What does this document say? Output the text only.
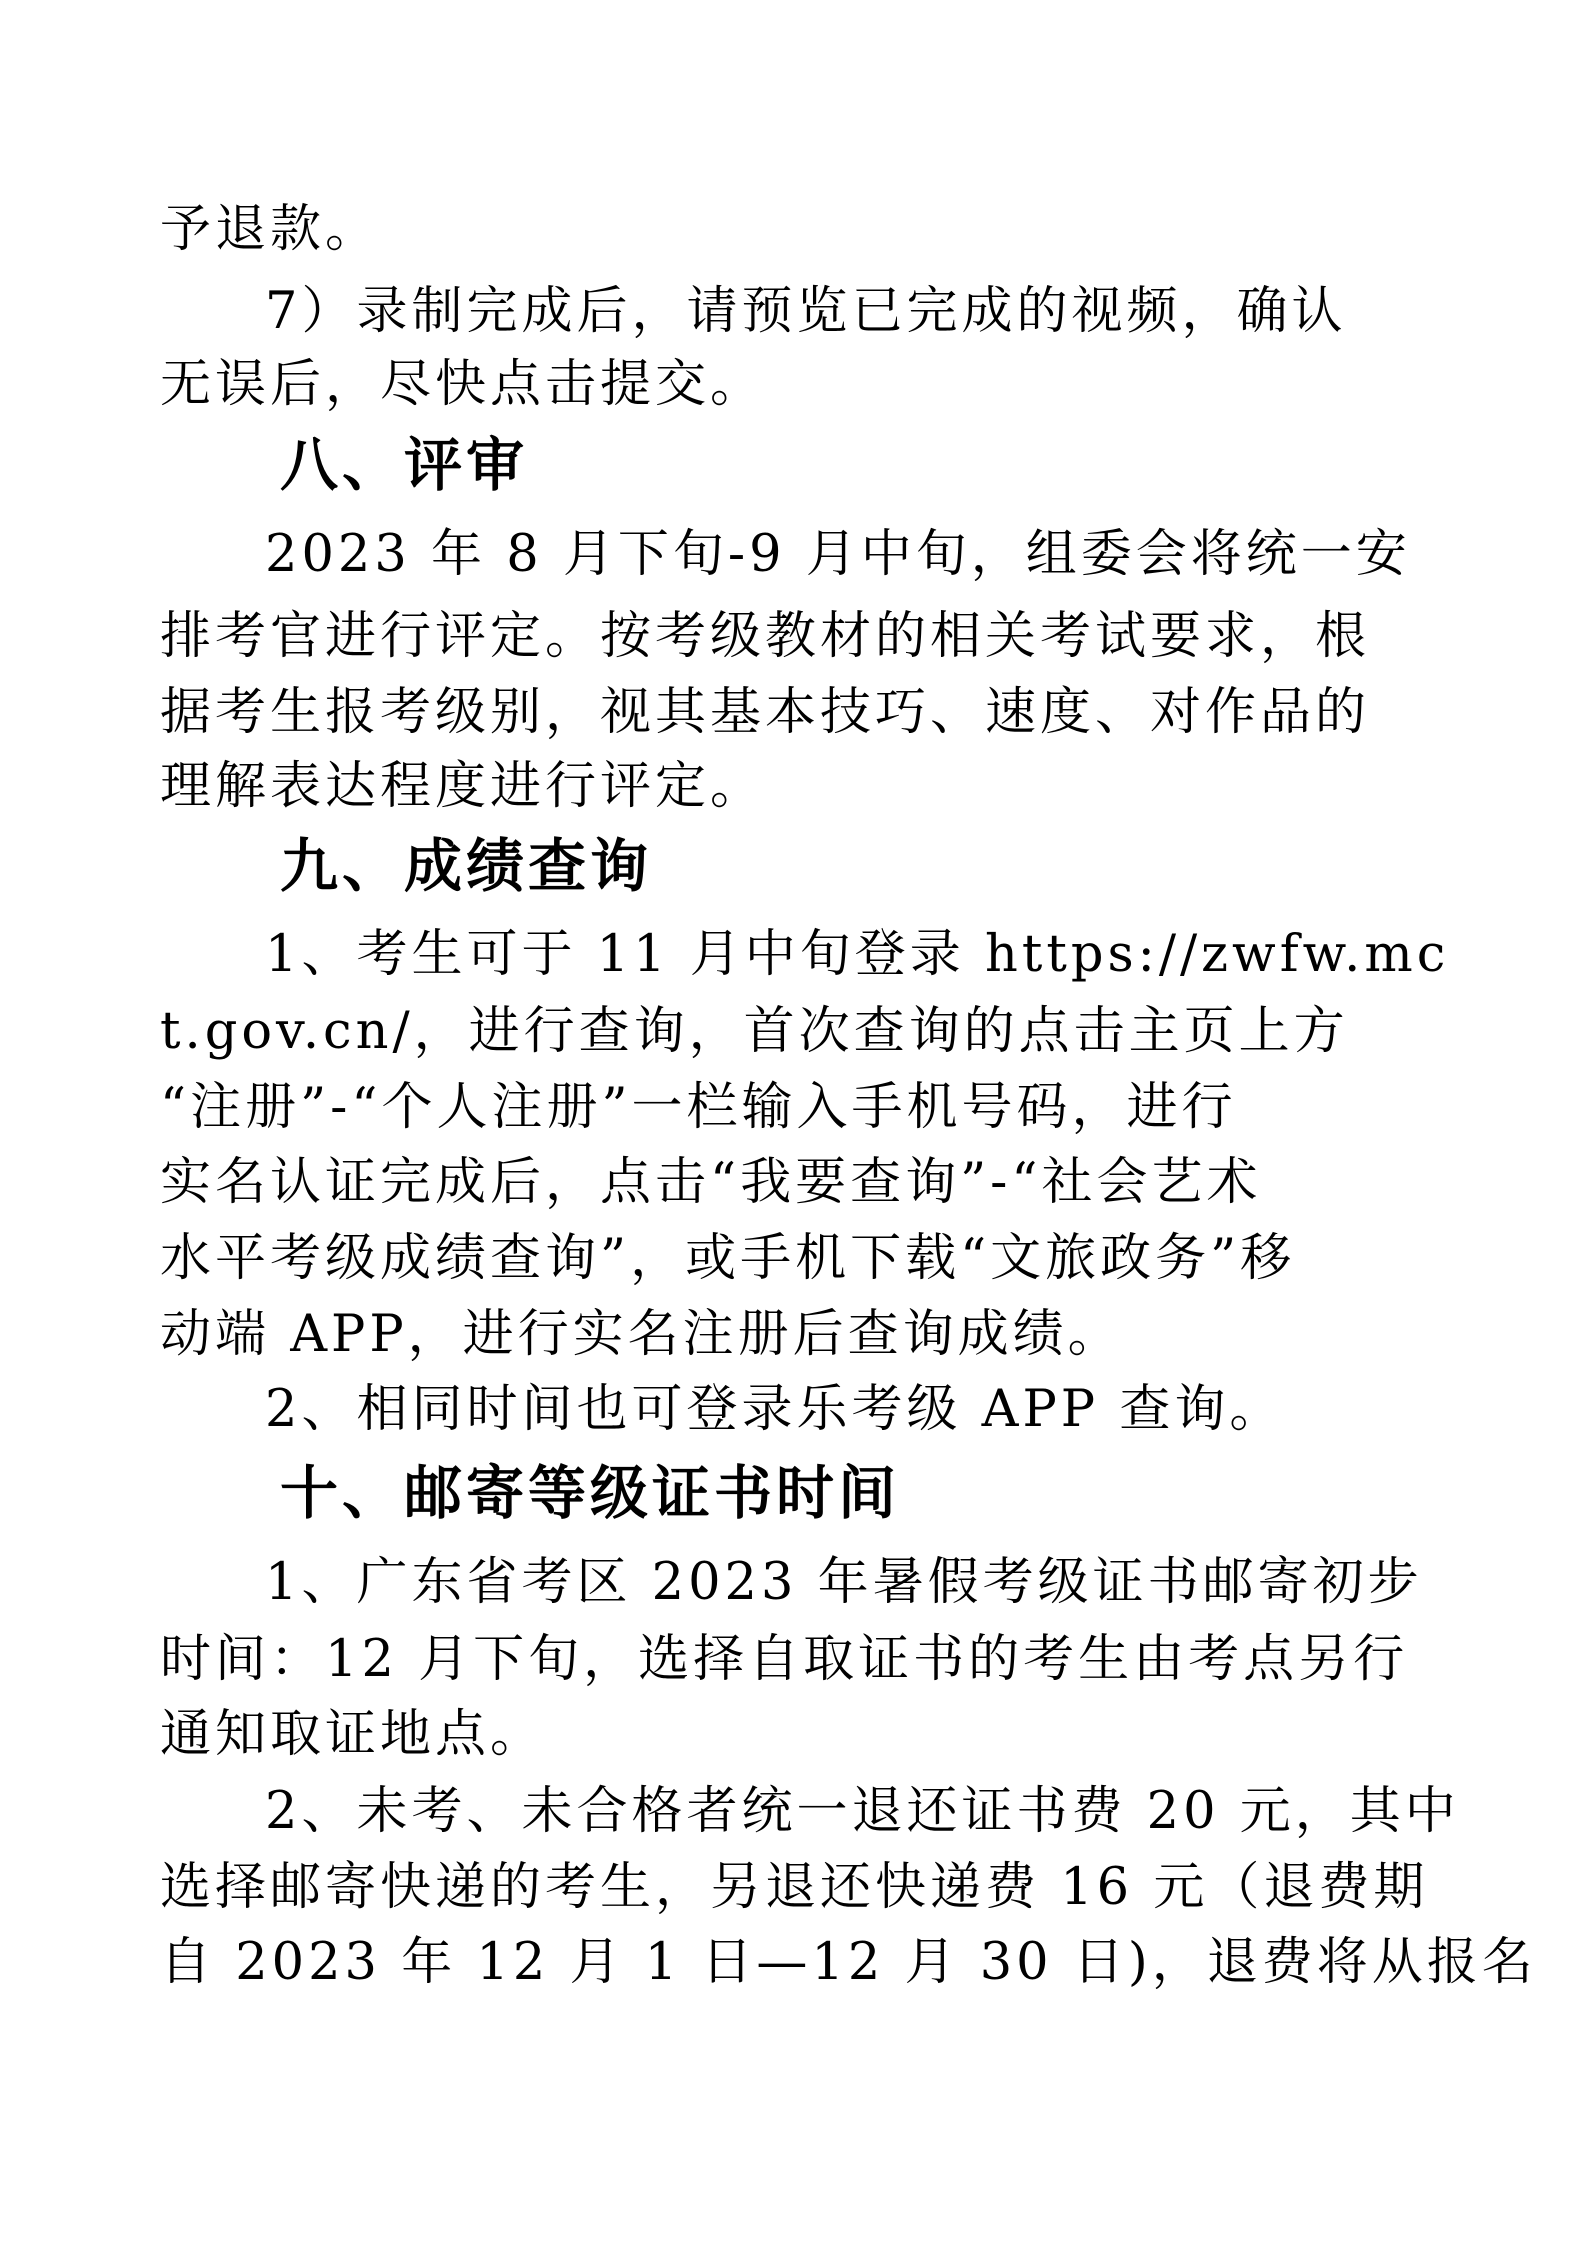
予退款。
7）录制完成后，请预览已完成的视频，确认
无误后，尽快点击提交。
八、评审
2023 年 8 月下旬-9 月中旬，组委会将统一安
排考官进行评定。按考级教材的相关考试要求，根
据考生报考级别，视其基本技巧、速度、对作品的
理解表达程度进行评定。
九、成绩查询
1、考生可于 11 月中旬登录 https://zwfw.mc
t.gov.cn/，进行查询，首次查询的点击主页上方
“注册”-“个人注册”一栏输入手机号码，进行
实名认证完成后，点击“我要查询”-“社会艺术
水平考级成绩查询”，或手机下载“文旅政务”移
动端 APP，进行实名注册后查询成绩。
2、相同时间也可登录乐考级 APP 查询。
十、邮寄等级证书时间
1、广东省考区 2023 年暑假考级证书邮寄初步
时间：12 月下旬，选择自取证书的考生由考点另行
通知取证地点。
2、未考、未合格者统一退还证书费 20 元，其中
选择邮寄快递的考生，另退还快递费 16 元（退费期
自 2023 年 12 月 1 日—12 月 30 日)，退费将从报名
